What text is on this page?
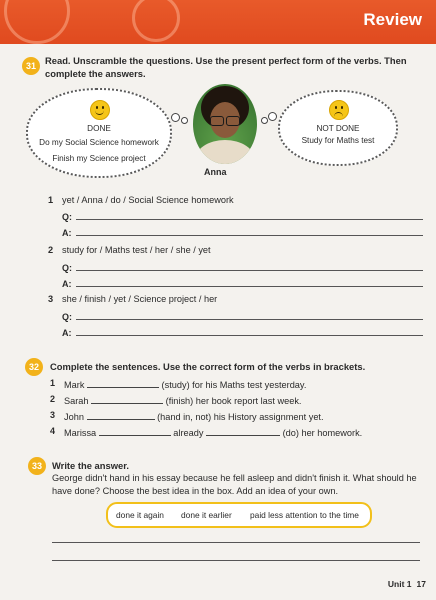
Review
31 Read. Unscramble the questions. Use the present perfect form of the verbs. Then complete the answers.
DONE
Do my Social Science homework
Finish my Science project
Anna
NOT DONE
Study for Maths test
1 yet / Anna / do / Social Science homework
Q:
A:
2 study for / Maths test / her / she / yet
Q:
A:
3 she / finish / yet / Science project / her
Q:
A:
32	Complete the sentences. Use the correct form of the verbs in brackets.
1 Mark	(study) for his Maths test yesterday.
2 Sarah	(finish) her book report last week.
3 John	(hand in, not) his History assignment yet.
4 Marissa	already	(do) her homework.
33	Write the answer.
George didn't hand in his essay because he fell asleep and didn't finish it. What should he
have done? Choose the best idea in the box. Add an idea of your own.
done it again done it earlier paid less attention to the time
Unit 1 17
